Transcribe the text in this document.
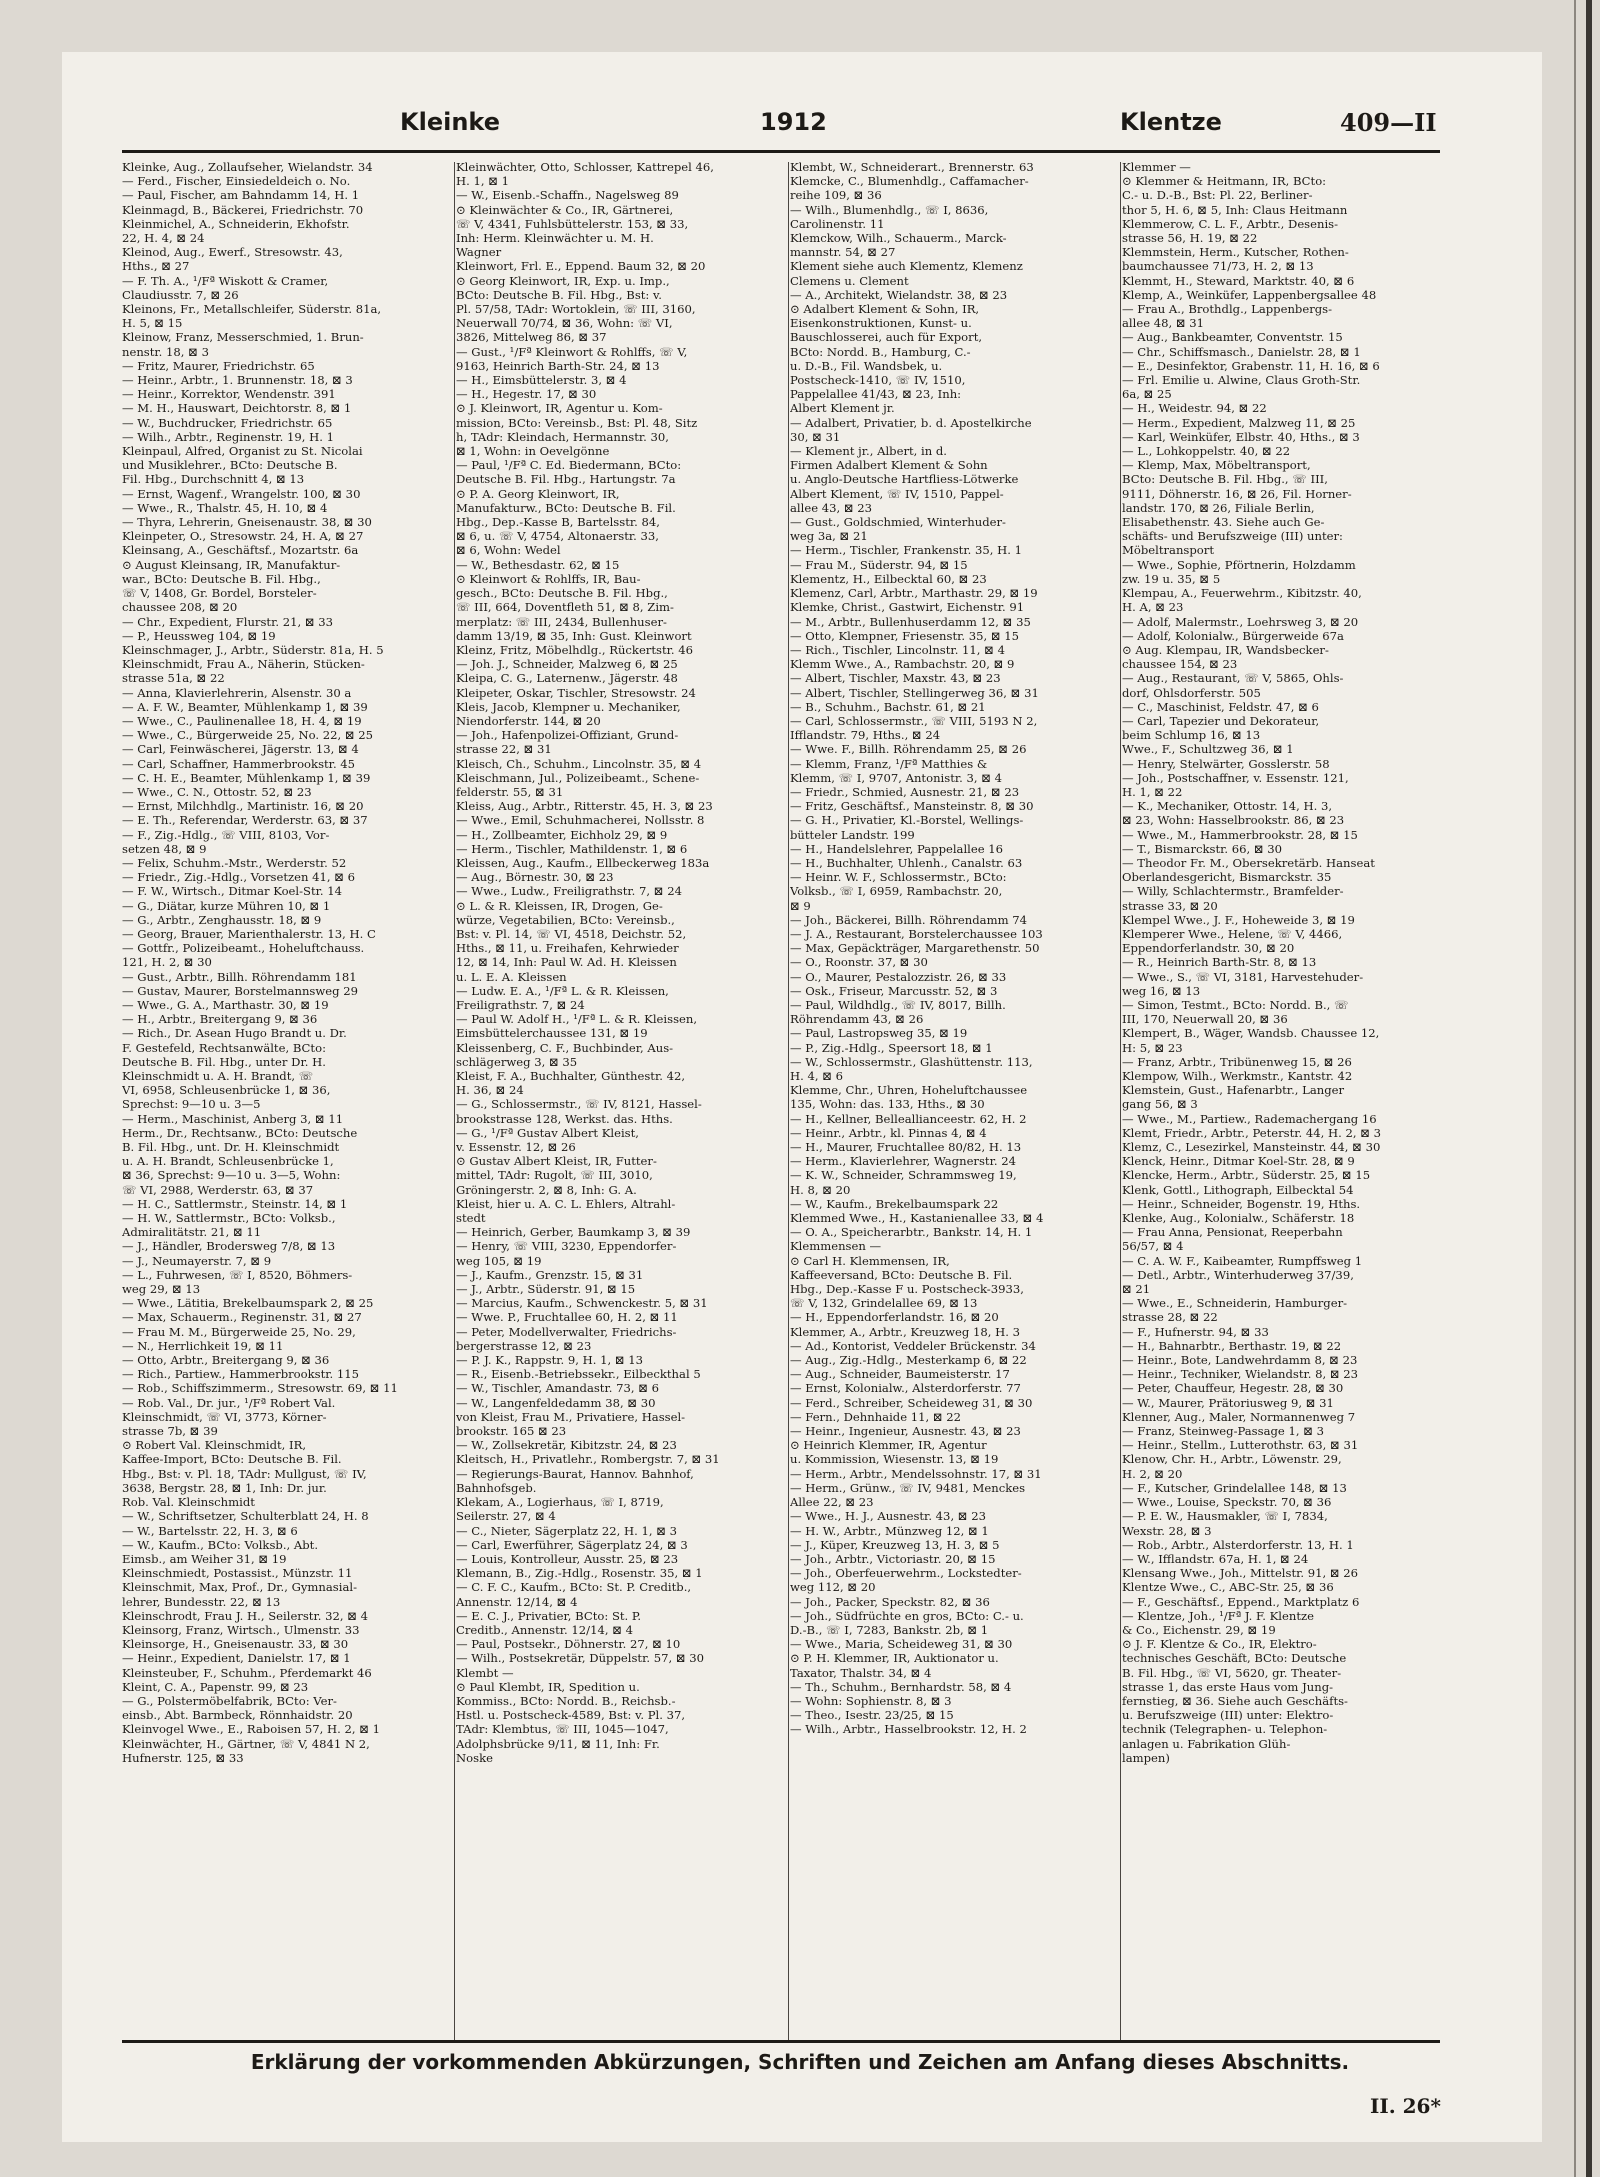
Kleinke	1912	Klentze	409—II

Kleinke, Aug., Zollaufseher, Wielandstr. 34

— Ferd., Fischer, Einsiedeldeich o. No.

— Paul, Fischer, am Bahndamm 14, H. 1

Kleinmagd, B., Bäckerei, Friedrichstr. 70

Kleinmichel, A., Schneiderin, Ekhofstr.

22, H. 4, ⊠ 24

Kleinod, Aug., Ewerf., Stresowstr. 43,

Hths., ⊠ 27

— F. Th. A., ¹/Fª Wiskott & Cramer,

Claudiusstr. 7, ⊠ 26

Kleinons, Fr., Metallschleifer, Süderstr. 81a,

H. 5, ⊠ 15

Kleinow, Franz, Messerschmied, 1. Brun-

nenstr. 18, ⊠ 3

— Fritz, Maurer, Friedrichstr. 65

— Heinr., Arbtr., 1. Brunnenstr. 18, ⊠ 3

— Heinr., Korrektor, Wendenstr. 391

— M. H., Hauswart, Deichtorstr. 8, ⊠ 1

— W., Buchdrucker, Friedrichstr. 65

— Wilh., Arbtr., Reginenstr. 19, H. 1

Kleinpaul, Alfred, Organist zu St. Nicolai

und Musiklehrer., BCto: Deutsche B.

Fil. Hbg., Durchschnitt 4, ⊠ 13

— Ernst, Wagenf., Wrangelstr. 100, ⊠ 30

— Wwe., R., Thalstr. 45, H. 10, ⊠ 4

— Thyra, Lehrerin, Gneisenaustr. 38, ⊠ 30

Kleinpeter, O., Stresowstr. 24, H. A, ⊠ 27

Kleinsang, A., Geschäftsf., Mozartstr. 6a

⊙ August Kleinsang, IR, Manufaktur-

war., BCto: Deutsche B. Fil. Hbg.,

☏ V, 1408, Gr. Bordel, Borsteler-

chaussee 208, ⊠ 20

— Chr., Expedient, Flurstr. 21, ⊠ 33

— P., Heussweg 104, ⊠ 19

Kleinschmager, J., Arbtr., Süderstr. 81a, H. 5

Kleinschmidt, Frau A., Näherin, Stücken-

strasse 51a, ⊠ 22

— Anna, Klavierlehrerin, Alsenstr. 30 a

— A. F. W., Beamter, Mühlenkamp 1, ⊠ 39

— Wwe., C., Paulinenallee 18, H. 4, ⊠ 19

— Wwe., C., Bürgerweide 25, No. 22, ⊠ 25

— Carl, Feinwäscherei, Jägerstr. 13, ⊠ 4

— Carl, Schaffner, Hammerbrookstr. 45

— C. H. E., Beamter, Mühlenkamp 1, ⊠ 39

— Wwe., C. N., Ottostr. 52, ⊠ 23

— Ernst, Milchhdlg., Martinistr. 16, ⊠ 20

— E. Th., Referendar, Werderstr. 63, ⊠ 37

— F., Zig.-Hdlg., ☏ VIII, 8103, Vor-

setzen 48, ⊠ 9

— Felix, Schuhm.-Mstr., Werderstr. 52

— Friedr., Zig.-Hdlg., Vorsetzen 41, ⊠ 6

— F. W., Wirtsch., Ditmar Koel-Str. 14

— G., Diätar, kurze Mühren 10, ⊠ 1

— G., Arbtr., Zenghausstr. 18, ⊠ 9

— Georg, Brauer, Marienthalerstr. 13, H. C

— Gottfr., Polizeibeamt., Hoheluftchauss.

121, H. 2, ⊠ 30

— Gust., Arbtr., Billh. Röhrendamm 181

— Gustav, Maurer, Borstelmannsweg 29

— Wwe., G. A., Marthastr. 30, ⊠ 19

— H., Arbtr., Breitergang 9, ⊠ 36

— Rich., Dr. Asean Hugo Brandt u. Dr.

F. Gestefeld, Rechtsanwälte, BCto:

Deutsche B. Fil. Hbg., unter Dr. H.

Kleinschmidt u. A. H. Brandt, ☏

VI, 6958, Schleusenbrücke 1, ⊠ 36,

Sprechst: 9—10 u. 3—5

— Herm., Maschinist, Anberg 3, ⊠ 11

Herm., Dr., Rechtsanw., BCto: Deutsche

B. Fil. Hbg., unt. Dr. H. Kleinschmidt

u. A. H. Brandt, Schleusenbrücke 1,

⊠ 36, Sprechst: 9—10 u. 3—5, Wohn:

☏ VI, 2988, Werderstr. 63, ⊠ 37

— H. C., Sattlermstr., Steinstr. 14, ⊠ 1

— H. W., Sattlermstr., BCto: Volksb.,

Admiralitätstr. 21, ⊠ 11

— J., Händler, Brodersweg 7/8, ⊠ 13

— J., Neumayerstr. 7, ⊠ 9

— L., Fuhrwesen, ☏ I, 8520, Böhmers-

weg 29, ⊠ 13

— Wwe., Lätitia, Brekelbaumspark 2, ⊠ 25

— Max, Schauerm., Reginenstr. 31, ⊠ 27

— Frau M. M., Bürgerweide 25, No. 29,

— N., Herrlichkeit 19, ⊠ 11

— Otto, Arbtr., Breitergang 9, ⊠ 36

— Rich., Partiew., Hammerbrookstr. 115

— Rob., Schiffszimmerm., Stresowstr. 69, ⊠ 11

— Rob. Val., Dr. jur., ¹/Fª Robert Val.

Kleinschmidt, ☏ VI, 3773, Körner-

strasse 7b, ⊠ 39

⊙ Robert Val. Kleinschmidt, IR,

Kaffee-Import, BCto: Deutsche B. Fil.

Hbg., Bst: v. Pl. 18, TAdr: Mullgust, ☏ IV,

3638, Bergstr. 28, ⊠ 1, Inh: Dr. jur.

Rob. Val. Kleinschmidt

— W., Schriftsetzer, Schulterblatt 24, H. 8

— W., Bartelsstr. 22, H. 3, ⊠ 6

— W., Kaufm., BCto: Volksb., Abt.

Eimsb., am Weiher 31, ⊠ 19

Kleinschmiedt, Postassist., Münzstr. 11

Kleinschmit, Max, Prof., Dr., Gymnasial-

lehrer, Bundesstr. 22, ⊠ 13

Kleinschrodt, Frau J. H., Seilerstr. 32, ⊠ 4

Kleinsorg, Franz, Wirtsch., Ulmenstr. 33

Kleinsorge, H., Gneisenaustr. 33, ⊠ 30

— Heinr., Expedient, Danielstr. 17, ⊠ 1

Kleinsteuber, F., Schuhm., Pferdemarkt 46

Kleint, C. A., Papenstr. 99, ⊠ 23

— G., Polstermöbelfabrik, BCto: Ver-

einsb., Abt. Barmbeck, Rönnhaidstr. 20

Kleinvogel Wwe., E., Raboisen 57, H. 2, ⊠ 1

Kleinwächter, H., Gärtner, ☏ V, 4841 N 2,

Hufnerstr. 125, ⊠ 33

Kleinwächter, Otto, Schlosser, Kattrepel 46,

H. 1, ⊠ 1

— W., Eisenb.-Schaffn., Nagelsweg 89

⊙ Kleinwächter & Co., IR, Gärtnerei,

☏ V, 4341, Fuhlsbüttelerstr. 153, ⊠ 33,

Inh: Herm. Kleinwächter u. M. H.

Wagner

Kleinwort, Frl. E., Eppend. Baum 32, ⊠ 20

⊙ Georg Kleinwort, IR, Exp. u. Imp.,

BCto: Deutsche B. Fil. Hbg., Bst: v.

Pl. 57/58, TAdr: Wortoklein, ☏ III, 3160,

Neuerwall 70/74, ⊠ 36, Wohn: ☏ VI,

3826, Mittelweg 86, ⊠ 37

— Gust., ¹/Fª Kleinwort & Rohlffs, ☏ V,

9163, Heinrich Barth-Str. 24, ⊠ 13

— H., Eimsbüttelerstr. 3, ⊠ 4

— H., Hegestr. 17, ⊠ 30

⊙ J. Kleinwort, IR, Agentur u. Kom-

mission, BCto: Vereinsb., Bst: Pl. 48, Sitz

h, TAdr: Kleindach, Hermannstr. 30,

⊠ 1, Wohn: in Oevelgönne

— Paul, ¹/Fª C. Ed. Biedermann, BCto:

Deutsche B. Fil. Hbg., Hartungstr. 7a

⊙ P. A. Georg Kleinwort, IR,

Manufakturw., BCto: Deutsche B. Fil.

Hbg., Dep.-Kasse B, Bartelsstr. 84,

⊠ 6, u. ☏ V, 4754, Altonaerstr. 33,

⊠ 6, Wohn: Wedel

— W., Bethesdastr. 62, ⊠ 15

⊙ Kleinwort & Rohlffs, IR, Bau-

gesch., BCto: Deutsche B. Fil. Hbg.,

☏ III, 664, Doventfleth 51, ⊠ 8, Zim-

merplatz: ☏ III, 2434, Bullenhuser-

damm 13/19, ⊠ 35, Inh: Gust. Kleinwort

Kleinz, Fritz, Möbelhdlg., Rückertstr. 46

— Joh. J., Schneider, Malzweg 6, ⊠ 25

Kleipa, C. G., Laternenw., Jägerstr. 48

Kleipeter, Oskar, Tischler, Stresowstr. 24

Kleis, Jacob, Klempner u. Mechaniker,

Niendorferstr. 144, ⊠ 20

— Joh., Hafenpolizei-Offiziant, Grund-

strasse 22, ⊠ 31

Kleisch, Ch., Schuhm., Lincolnstr. 35, ⊠ 4

Kleischmann, Jul., Polizeibeamt., Schene-

felderstr. 55, ⊠ 31

Kleiss, Aug., Arbtr., Ritterstr. 45, H. 3, ⊠ 23

— Wwe., Emil, Schuhmacherei, Nollsstr. 8

— H., Zollbeamter, Eichholz 29, ⊠ 9

— Herm., Tischler, Mathildenstr. 1, ⊠ 6

Kleissen, Aug., Kaufm., Ellbeckerweg 183a

— Aug., Börnestr. 30, ⊠ 23

— Wwe., Ludw., Freiligrathstr. 7, ⊠ 24

⊙ L. & R. Kleissen, IR, Drogen, Ge-

würze, Vegetabilien, BCto: Vereinsb.,

Bst: v. Pl. 14, ☏ VI, 4518, Deichstr. 52,

Hths., ⊠ 11, u. Freihafen, Kehrwieder

12, ⊠ 14, Inh: Paul W. Ad. H. Kleissen

u. L. E. A. Kleissen

— Ludw. E. A., ¹/Fª L. & R. Kleissen,

Freiligrathstr. 7, ⊠ 24

— Paul W. Adolf H., ¹/Fª L. & R. Kleissen,

Eimsbüttelerchaussee 131, ⊠ 19

Kleissenberg, C. F., Buchbinder, Aus-

schlägerweg 3, ⊠ 35

Kleist, F. A., Buchhalter, Günthestr. 42,

H. 36, ⊠ 24

— G., Schlossermstr., ☏ IV, 8121, Hassel-

brookstrasse 128, Werkst. das. Hths.

— G., ¹/Fª Gustav Albert Kleist,

v. Essenstr. 12, ⊠ 26

⊙ Gustav Albert Kleist, IR, Futter-

mittel, TAdr: Rugolt, ☏ III, 3010,

Gröningerstr. 2, ⊠ 8, Inh: G. A.

Kleist, hier u. A. C. L. Ehlers, Altrahl-

stedt

— Heinrich, Gerber, Baumkamp 3, ⊠ 39

— Henry, ☏ VIII, 3230, Eppendorfer-

weg 105, ⊠ 19

— J., Kaufm., Grenzstr. 15, ⊠ 31

— J., Arbtr., Süderstr. 91, ⊠ 15

— Marcius, Kaufm., Schwenckestr. 5, ⊠ 31

— Wwe. P., Fruchtallee 60, H. 2, ⊠ 11

— Peter, Modellverwalter, Friedrichs-

bergerstrasse 12, ⊠ 23

— P. J. K., Rappstr. 9, H. 1, ⊠ 13

— R., Eisenb.-Betriebssekr., Eilbeckthal 5

— W., Tischler, Amandastr. 73, ⊠ 6

— W., Langenfeldedamm 38, ⊠ 30

von Kleist, Frau M., Privatiere, Hassel-

brookstr. 165 ⊠ 23

— W., Zollsekretär, Kibitzstr. 24, ⊠ 23

Kleitsch, H., Privatlehr., Rombergstr. 7, ⊠ 31

— Regierungs-Baurat, Hannov. Bahnhof,

Bahnhofsgeb.

Klekam, A., Logierhaus, ☏ I, 8719,

Seilerstr. 27, ⊠ 4

— C., Nieter, Sägerplatz 22, H. 1, ⊠ 3

— Carl, Ewerführer, Sägerplatz 24, ⊠ 3

— Louis, Kontrolleur, Ausstr. 25, ⊠ 23

Klemann, B., Zig.-Hdlg., Rosenstr. 35, ⊠ 1

— C. F. C., Kaufm., BCto: St. P. Creditb.,

Annenstr. 12/14, ⊠ 4

— E. C. J., Privatier, BCto: St. P.

Creditb., Annenstr. 12/14, ⊠ 4

— Paul, Postsekr., Döhnerstr. 27, ⊠ 10

— Wilh., Postsekretär, Düppelstr. 57, ⊠ 30

Klembt —

⊙ Paul Klembt, IR, Spedition u.

Kommiss., BCto: Nordd. B., Reichsb.-

Hstl. u. Postscheck-4589, Bst: v. Pl. 37,

TAdr: Klembtus, ☏ III, 1045—1047,

Adolphsbrücke 9/11, ⊠ 11, Inh: Fr.

Noske

Klembt, W., Schneiderart., Brennerstr. 63

Klemcke, C., Blumenhdlg., Caffamacher-

reihe 109, ⊠ 36

— Wilh., Blumenhdlg., ☏ I, 8636,

Carolinenstr. 11

Klemckow, Wilh., Schauerm., Marck-

mannstr. 54, ⊠ 27

Klement siehe auch Klementz, Klemenz

Clemens u. Clement

— A., Architekt, Wielandstr. 38, ⊠ 23

⊙ Adalbert Klement & Sohn, IR,

Eisenkonstruktionen, Kunst- u.

Bauschlosserei, auch für Export,

BCto: Nordd. B., Hamburg, C.-

u. D.-B., Fil. Wandsbek, u.

Postscheck-1410, ☏ IV, 1510,

Pappelallee 41/43, ⊠ 23, Inh:

Albert Klement jr.

— Adalbert, Privatier, b. d. Apostelkirche

30, ⊠ 31

— Klement jr., Albert, in d.

Firmen Adalbert Klement & Sohn

u. Anglo-Deutsche Hartfliess-Lötwerke

Albert Klement, ☏ IV, 1510, Pappel-

allee 43, ⊠ 23

— Gust., Goldschmied, Winterhuder-

weg 3a, ⊠ 21

— Herm., Tischler, Frankenstr. 35, H. 1

— Frau M., Süderstr. 94, ⊠ 15

Klementz, H., Eilbecktal 60, ⊠ 23

Klemenz, Carl, Arbtr., Marthastr. 29, ⊠ 19

Klemke, Christ., Gastwirt, Eichenstr. 91

— M., Arbtr., Bullenhuserdamm 12, ⊠ 35

— Otto, Klempner, Friesenstr. 35, ⊠ 15

— Rich., Tischler, Lincolnstr. 11, ⊠ 4

Klemm Wwe., A., Rambachstr. 20, ⊠ 9

— Albert, Tischler, Maxstr. 43, ⊠ 23

— Albert, Tischler, Stellingerweg 36, ⊠ 31

— B., Schuhm., Bachstr. 61, ⊠ 21

— Carl, Schlossermstr., ☏ VIII, 5193 N 2,

Ifflandstr. 79, Hths., ⊠ 24

— Wwe. F., Billh. Röhrendamm 25, ⊠ 26

— Klemm, Franz, ¹/Fª Matthies &

Klemm, ☏ I, 9707, Antonistr. 3, ⊠ 4

— Friedr., Schmied, Ausnestr. 21, ⊠ 23

— Fritz, Geschäftsf., Mansteinstr. 8, ⊠ 30

— G. H., Privatier, Kl.-Borstel, Wellings-

bütteler Landstr. 199

— H., Handelslehrer, Pappelallee 16

— H., Buchhalter, Uhlenh., Canalstr. 63

— Heinr. W. F., Schlossermstr., BCto:

Volksb., ☏ I, 6959, Rambachstr. 20,

⊠ 9

— Joh., Bäckerei, Billh. Röhrendamm 74

— J. A., Restaurant, Borstelerchaussee 103

— Max, Gepäckträger, Margarethenstr. 50

— O., Roonstr. 37, ⊠ 30

— O., Maurer, Pestalozzistr. 26, ⊠ 33

— Osk., Friseur, Marcusstr. 52, ⊠ 3

— Paul, Wildhdlg., ☏ IV, 8017, Billh.

Röhrendamm 43, ⊠ 26

— Paul, Lastropsweg 35, ⊠ 19

— P., Zig.-Hdlg., Speersort 18, ⊠ 1

— W., Schlossermstr., Glashüttenstr. 113,

H. 4, ⊠ 6

Klemme, Chr., Uhren, Hoheluftchaussee

135, Wohn: das. 133, Hths., ⊠ 30

— H., Kellner, Belleallianceestr. 62, H. 2

— Heinr., Arbtr., kl. Pinnas 4, ⊠ 4

— H., Maurer, Fruchtallee 80/82, H. 13

— Herm., Klavierlehrer, Wagnerstr. 24

— K. W., Schneider, Schrammsweg 19,

H. 8, ⊠ 20

— W., Kaufm., Brekelbaumspark 22

Klemmed Wwe., H., Kastanienallee 33, ⊠ 4

— O. A., Speicherarbtr., Bankstr. 14, H. 1

Klemmensen —

⊙ Carl H. Klemmensen, IR,

Kaffeeversand, BCto: Deutsche B. Fil.

Hbg., Dep.-Kasse F u. Postscheck-3933,

☏ V, 132, Grindelallee 69, ⊠ 13

— H., Eppendorferlandstr. 16, ⊠ 20

Klemmer, A., Arbtr., Kreuzweg 18, H. 3

— Ad., Kontorist, Veddeler Brückenstr. 34

— Aug., Zig.-Hdlg., Mesterkamp 6, ⊠ 22

— Aug., Schneider, Baumeisterstr. 17

— Ernst, Kolonialw., Alsterdorferstr. 77

— Ferd., Schreiber, Scheideweg 31, ⊠ 30

— Fern., Dehnhaide 11, ⊠ 22

— Heinr., Ingenieur, Ausnestr. 43, ⊠ 23

⊙ Heinrich Klemmer, IR, Agentur

u. Kommission, Wiesenstr. 13, ⊠ 19

— Herm., Arbtr., Mendelssohnstr. 17, ⊠ 31

— Herm., Grünw., ☏ IV, 9481, Menckes

Allee 22, ⊠ 23

— Wwe., H. J., Ausnestr. 43, ⊠ 23

— H. W., Arbtr., Münzweg 12, ⊠ 1

— J., Küper, Kreuzweg 13, H. 3, ⊠ 5

— Joh., Arbtr., Victoriastr. 20, ⊠ 15

— Joh., Oberfeuerwehrm., Lockstedter-

weg 112, ⊠ 20

— Joh., Packer, Speckstr. 82, ⊠ 36

— Joh., Südfrüchte en gros, BCto: C.- u.

D.-B., ☏ I, 7283, Bankstr. 2b, ⊠ 1

— Wwe., Maria, Scheideweg 31, ⊠ 30

⊙ P. H. Klemmer, IR, Auktionator u.

Taxator, Thalstr. 34, ⊠ 4

— Th., Schuhm., Bernhardstr. 58, ⊠ 4

— Wohn: Sophienstr. 8, ⊠ 3

— Theo., Isestr. 23/25, ⊠ 15

— Wilh., Arbtr., Hasselbrookstr. 12, H. 2

Klemmer —

⊙ Klemmer & Heitmann, IR, BCto:

C.- u. D.-B., Bst: Pl. 22, Berliner-

thor 5, H. 6, ⊠ 5, Inh: Claus Heitmann

Klemmerow, C. L. F., Arbtr., Desenis-

strasse 56, H. 19, ⊠ 22

Klemmstein, Herm., Kutscher, Rothen-

baumchaussee 71/73, H. 2, ⊠ 13

Klemmt, H., Steward, Marktstr. 40, ⊠ 6

Klemp, A., Weinküfer, Lappenbergsallee 48

— Frau A., Brothdlg., Lappenbergs-

allee 48, ⊠ 31

— Aug., Bankbeamter, Conventstr. 15

— Chr., Schiffsmasch., Danielstr. 28, ⊠ 1

— E., Desinfektor, Grabenstr. 11, H. 16, ⊠ 6

— Frl. Emilie u. Alwine, Claus Groth-Str.

6a, ⊠ 25

— H., Weidestr. 94, ⊠ 22

— Herm., Expedient, Malzweg 11, ⊠ 25

— Karl, Weinküfer, Elbstr. 40, Hths., ⊠ 3

— L., Lohkoppelstr. 40, ⊠ 22

— Klemp, Max, Möbeltransport,

BCto: Deutsche B. Fil. Hbg., ☏ III,

9111, Döhnerstr. 16, ⊠ 26, Fil. Horner-

landstr. 170, ⊠ 26, Filiale Berlin,

Elisabethenstr. 43. Siehe auch Ge-

schäfts- und Berufszweige (III) unter:

Möbeltransport

— Wwe., Sophie, Pförtnerin, Holzdamm

zw. 19 u. 35, ⊠ 5

Klempau, A., Feuerwehrm., Kibitzstr. 40,

H. A, ⊠ 23

— Adolf, Malermstr., Loehrsweg 3, ⊠ 20

— Adolf, Kolonialw., Bürgerweide 67a

⊙ Aug. Klempau, IR, Wandsbecker-

chaussee 154, ⊠ 23

— Aug., Restaurant, ☏ V, 5865, Ohls-

dorf, Ohlsdorferstr. 505

— C., Maschinist, Feldstr. 47, ⊠ 6

— Carl, Tapezier und Dekorateur,

beim Schlump 16, ⊠ 13

Wwe., F., Schultzweg 36, ⊠ 1

— Henry, Stelwärter, Gosslerstr. 58

— Joh., Postschaffner, v. Essenstr. 121,

H. 1, ⊠ 22

— K., Mechaniker, Ottostr. 14, H. 3,

⊠ 23, Wohn: Hasselbrookstr. 86, ⊠ 23

— Wwe., M., Hammerbrookstr. 28, ⊠ 15

— T., Bismarckstr. 66, ⊠ 30

— Theodor Fr. M., Obersekretärb. Hanseat

Oberlandesgericht, Bismarckstr. 35

— Willy, Schlachtermstr., Bramfelder-

strasse 33, ⊠ 20

Klempel Wwe., J. F., Hoheweide 3, ⊠ 19

Klemperer Wwe., Helene, ☏ V, 4466,

Eppendorferlandstr. 30, ⊠ 20

— R., Heinrich Barth-Str. 8, ⊠ 13

— Wwe., S., ☏ VI, 3181, Harvestehuder-

weg 16, ⊠ 13

— Simon, Testmt., BCto: Nordd. B., ☏

III, 170, Neuerwall 20, ⊠ 36

Klempert, B., Wäger, Wandsb. Chaussee 12,

H: 5, ⊠ 23

— Franz, Arbtr., Tribünenweg 15, ⊠ 26

Klempow, Wilh., Werkmstr., Kantstr. 42

Klemstein, Gust., Hafenarbtr., Langer

gang 56, ⊠ 3

— Wwe., M., Partiew., Rademachergang 16

Klemt, Friedr., Arbtr., Peterstr. 44, H. 2, ⊠ 3

Klemz, C., Lesezirkel, Mansteinstr. 44, ⊠ 30

Klenck, Heinr., Ditmar Koel-Str. 28, ⊠ 9

Klencke, Herm., Arbtr., Süderstr. 25, ⊠ 15

Klenk, Gottl., Lithograph, Eilbecktal 54

— Heinr., Schneider, Bogenstr. 19, Hths.

Klenke, Aug., Kolonialw., Schäferstr. 18

— Frau Anna, Pensionat, Reeperbahn

56/57, ⊠ 4

— C. A. W. F., Kaibeamter, Rumpffsweg 1

— Detl., Arbtr., Winterhuderweg 37/39,

⊠ 21

— Wwe., E., Schneiderin, Hamburger-

strasse 28, ⊠ 22

— F., Hufnerstr. 94, ⊠ 33

— H., Bahnarbtr., Berthastr. 19, ⊠ 22

— Heinr., Bote, Landwehrdamm 8, ⊠ 23

— Heinr., Techniker, Wielandstr. 8, ⊠ 23

— Peter, Chauffeur, Hegestr. 28, ⊠ 30

— W., Maurer, Prätoriusweg 9, ⊠ 31

Klenner, Aug., Maler, Normannenweg 7

— Franz, Steinweg-Passage 1, ⊠ 3

— Heinr., Stellm., Lutterothstr. 63, ⊠ 31

Klenow, Chr. H., Arbtr., Löwenstr. 29,

H. 2, ⊠ 20

— F., Kutscher, Grindelallee 148, ⊠ 13

— Wwe., Louise, Speckstr. 70, ⊠ 36

— P. E. W., Hausmakler, ☏ I, 7834,

Wexstr. 28, ⊠ 3

— Rob., Arbtr., Alsterdorferstr. 13, H. 1

— W., Ifflandstr. 67a, H. 1, ⊠ 24

Klensang Wwe., Joh., Mittelstr. 91, ⊠ 26

Klentze Wwe., C., ABC-Str. 25, ⊠ 36

— F., Geschäftsf., Eppend., Marktplatz 6

— Klentze, Joh., ¹/Fª J. F. Klentze

& Co., Eichenstr. 29, ⊠ 19

⊙ J. F. Klentze & Co., IR, Elektro-

technisches Geschäft, BCto: Deutsche

B. Fil. Hbg., ☏ VI, 5620, gr. Theater-

strasse 1, das erste Haus vom Jung-

fernstieg, ⊠ 36. Siehe auch Geschäfts-

u. Berufszweige (III) unter: Elektro-

technik (Telegraphen- u. Telephon-

anlagen u. Fabrikation Glüh-

lampen)

Erklärung der vorkommenden Abkürzungen, Schriften und Zeichen am Anfang dieses Abschnitts.
II. 26*
